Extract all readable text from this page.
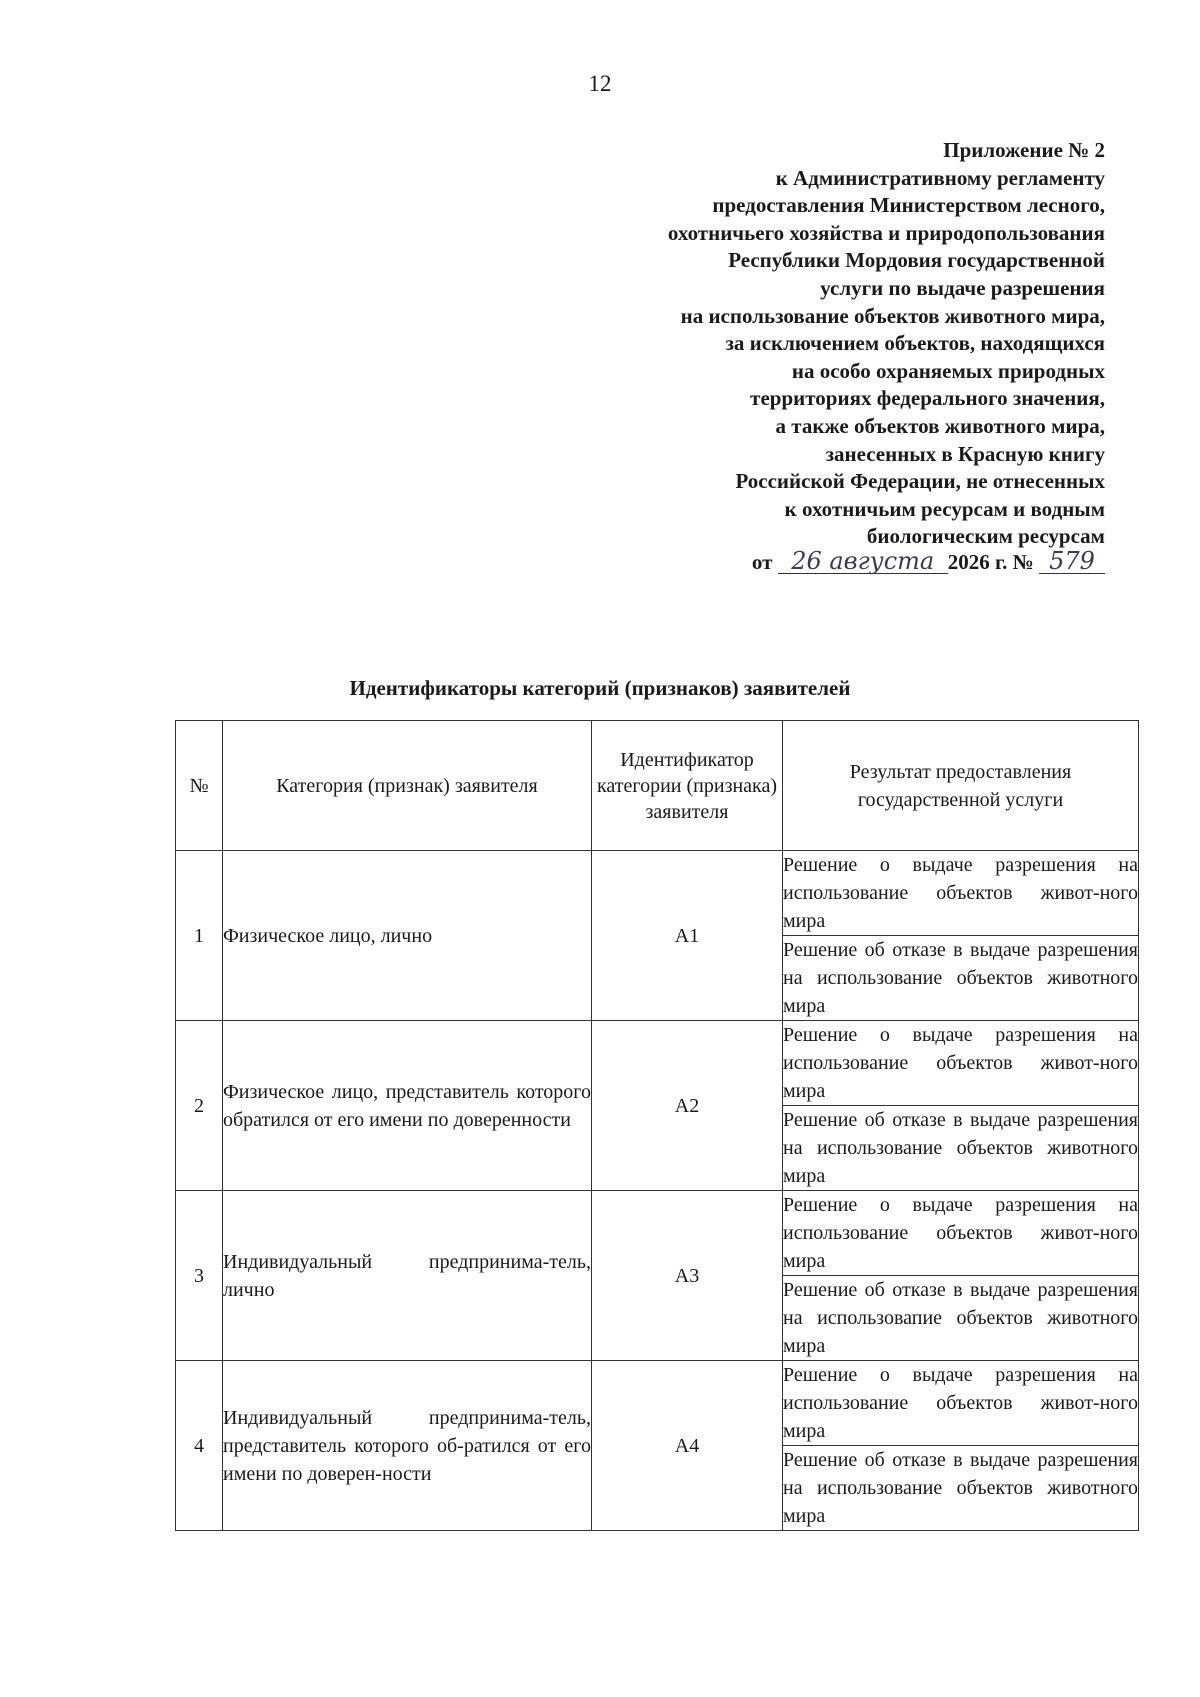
12
Приложение № 2
к Административному регламенту
предоставления Министерством лесного,
охотничьего хозяйства и природопользования
Республики Мордовия государственной
услуги по выдаче разрешения
на использование объектов животного мира,
за исключением объектов, находящихся
на особо охраняемых природных
территориях федерального значения,
а также объектов животного мира,
занесенных в Красную книгу
Российской Федерации, не отнесенных
к охотничьим ресурсам и водным
биологическим ресурсам
от 26 августа 2026 г. № 579
Идентификаторы категорий (признаков) заявителей
№	Категория (признак) заявителя	Идентификатор категории (признака) заявителя	Результат предоставления государственной услуги
1	Физическое лицо, лично	А1	Решение о выдаче разрешения на использование объектов живот-ного мира
			Решение об отказе в выдаче разрешения на использование объектов животного мира
2	Физическое лицо, представитель которого обратился от его имени по доверенности	А2	Решение о выдаче разрешения на использование объектов живот-ного мира
			Решение об отказе в выдаче разрешения на использование объектов животного мира
3	Индивидуальный предпринима-тель, лично	А3	Решение о выдаче разрешения на использование объектов живот-ного мира
			Решение об отказе в выдаче разрешения на использовапие объектов животного мира
4	Индивидуальный предпринима-тель, представитель которого об-ратился от его имени по доверен-ности	А4	Решение о выдаче разрешения на использование объектов живот-ного мира
			Решение об отказе в выдаче разрешения на использование объектов животного мира
